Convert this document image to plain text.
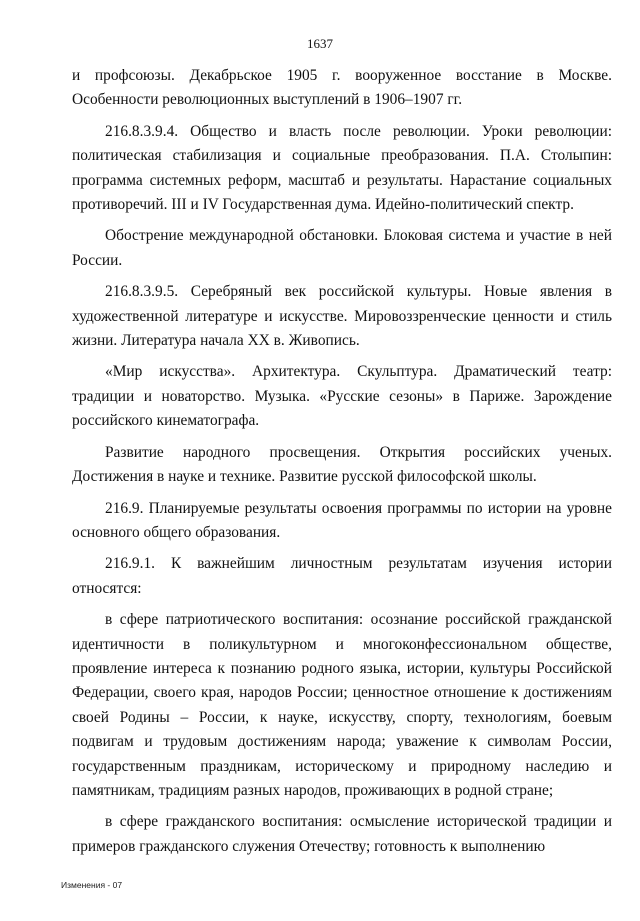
1637

и профсоюзы. Декабрьское 1905 г. вооруженное восстание в Москве. Особенности революционных выступлений в 1906–1907 гг.

216.8.3.9.4. Общество и власть после революции. Уроки революции: политическая стабилизация и социальные преобразования. П.А. Столыпин: программа системных реформ, масштаб и результаты. Нарастание социальных противоречий. III и IV Государственная дума. Идейно-политический спектр.

Обострение международной обстановки. Блоковая система и участие в ней России.

216.8.3.9.5. Серебряный век российской культуры. Новые явления в художественной литературе и искусстве. Мировоззренческие ценности и стиль жизни. Литература начала XX в. Живопись.

«Мир искусства». Архитектура. Скульптура. Драматический театр: традиции и новаторство. Музыка. «Русские сезоны» в Париже. Зарождение российского кинематографа.

Развитие народного просвещения. Открытия российских ученых. Достижения в науке и технике. Развитие русской философской школы.

216.9. Планируемые результаты освоения программы по истории на уровне основного общего образования.

216.9.1. К важнейшим личностным результатам изучения истории относятся:

в сфере патриотического воспитания: осознание российской гражданской идентичности в поликультурном и многоконфессиональном обществе, проявление интереса к познанию родного языка, истории, культуры Российской Федерации, своего края, народов России; ценностное отношение к достижениям своей Родины – России, к науке, искусству, спорту, технологиям, боевым подвигам и трудовым достижениям народа; уважение к символам России, государственным праздникам, историческому и природному наследию и памятникам, традициям разных народов, проживающих в родной стране;

в сфере гражданского воспитания: осмысление исторической традиции и примеров гражданского служения Отечеству; готовность к выполнению

Изменения - 07
